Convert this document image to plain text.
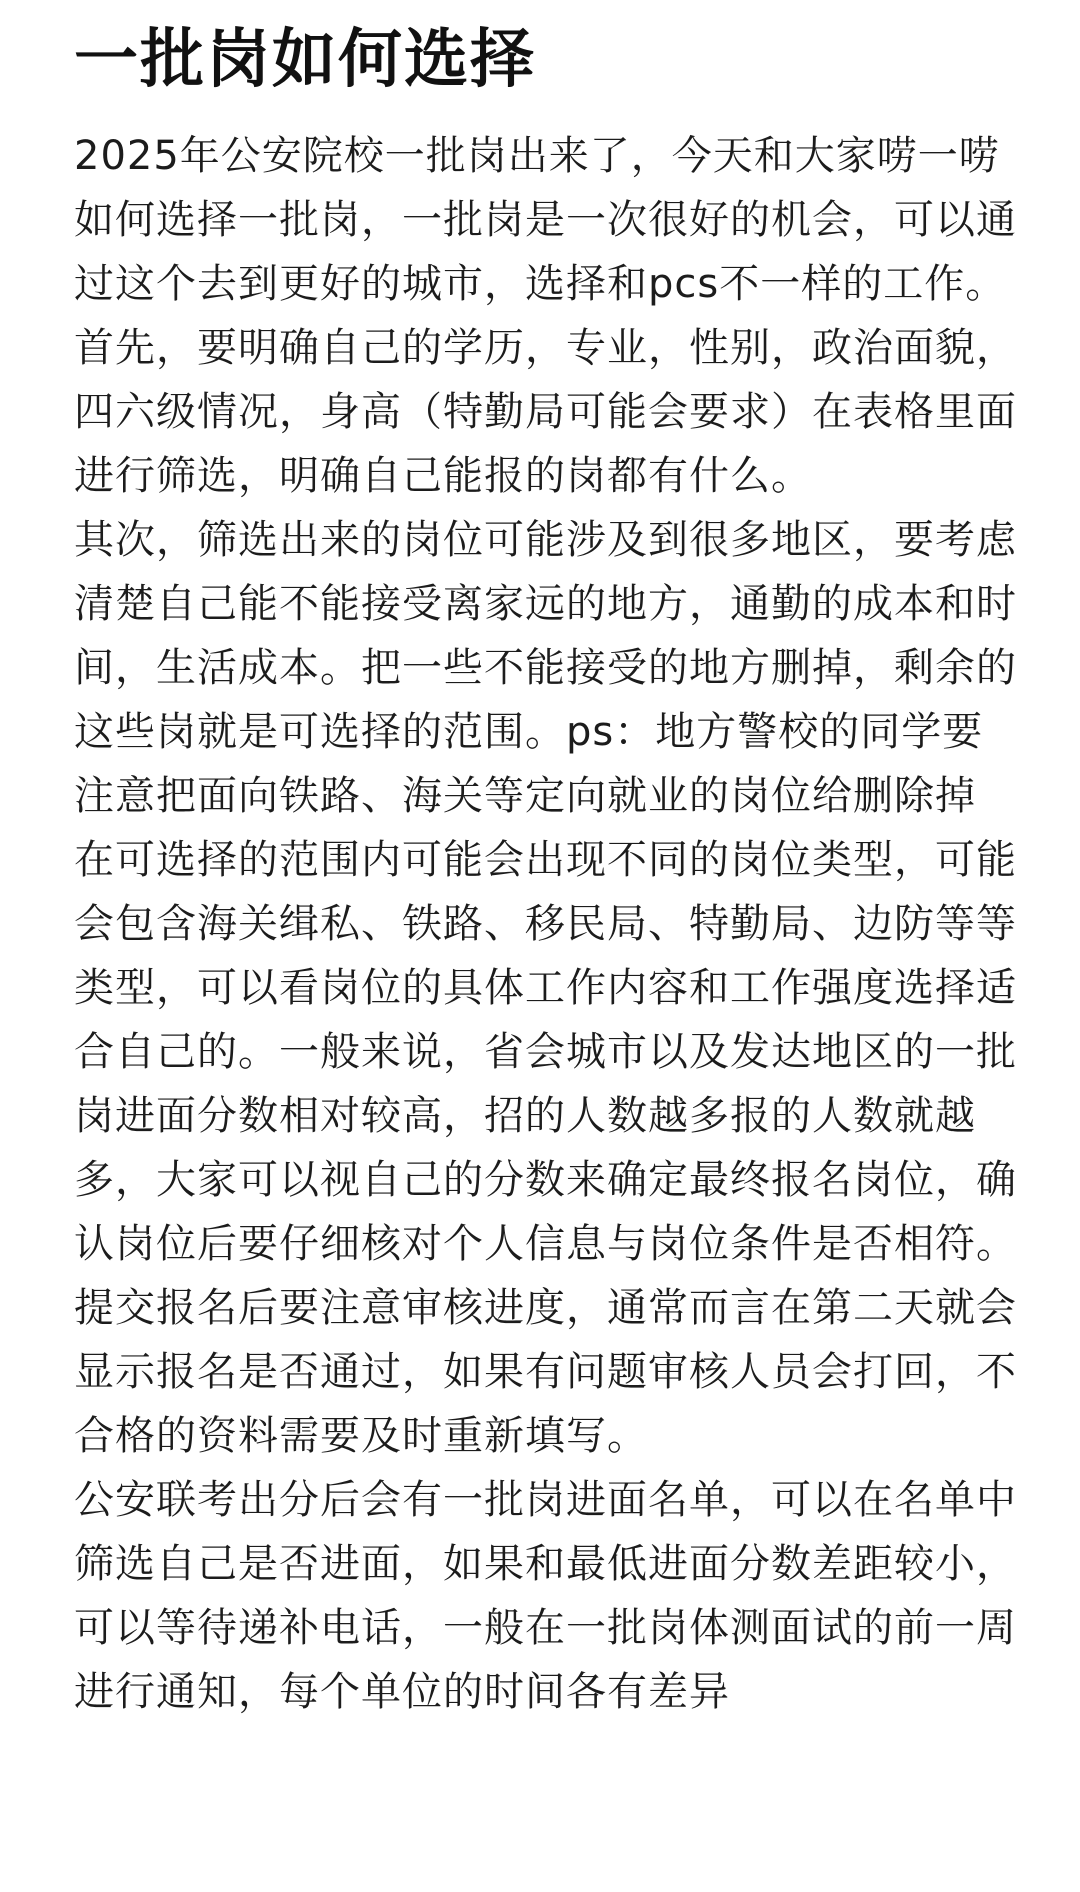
一批岗如何选择

2025年公安院校一批岗出来了，今天和大家唠一唠如何选择一批岗，一批岗是一次很好的机会，可以通过这个去到更好的城市，选择和pcs不一样的工作。

首先，要明确自己的学历，专业，性别，政治面貌，四六级情况，身高（特勤局可能会要求）在表格里面进行筛选，明确自己能报的岗都有什么。

其次，筛选出来的岗位可能涉及到很多地区，要考虑清楚自己能不能接受离家远的地方，通勤的成本和时间，生活成本。把一些不能接受的地方删掉，剩余的这些岗就是可选择的范围。ps：地方警校的同学要注意把面向铁路、海关等定向就业的岗位给删除掉

在可选择的范围内可能会出现不同的岗位类型，可能会包含海关缉私、铁路、移民局、特勤局、边防等等类型，可以看岗位的具体工作内容和工作强度选择适合自己的。一般来说，省会城市以及发达地区的一批岗进面分数相对较高，招的人数越多报的人数就越多，大家可以视自己的分数来确定最终报名岗位，确认岗位后要仔细核对个人信息与岗位条件是否相符。

提交报名后要注意审核进度，通常而言在第二天就会显示报名是否通过，如果有问题审核人员会打回，不合格的资料需要及时重新填写。

公安联考出分后会有一批岗进面名单，可以在名单中筛选自己是否进面，如果和最低进面分数差距较小，可以等待递补电话，一般在一批岗体测面试的前一周进行通知，每个单位的时间各有差异
